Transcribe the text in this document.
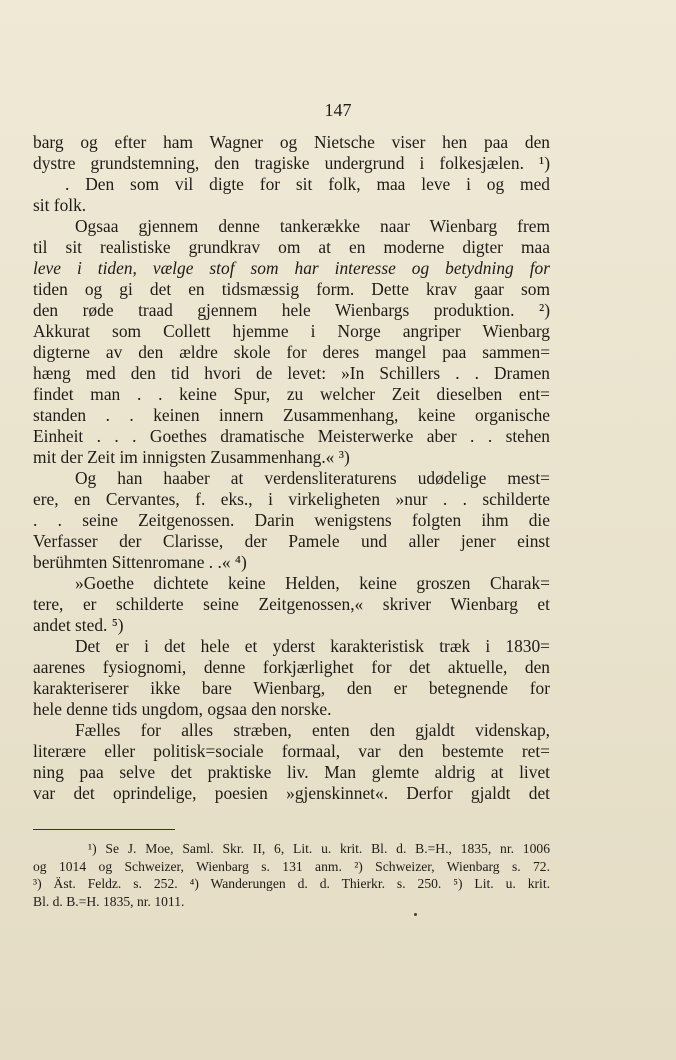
147

barg og efter ham Wagner og Nietsche viser hen paa den

dystre grundstemning, den tragiske undergrund i folkesjælen. ¹)

. Den som vil digte for sit folk, maa leve i og med

sit folk.

Ogsaa gjennem denne tankerække naar Wienbarg frem

til sit realistiske grundkrav om at en moderne digter maa

leve i tiden, vælge stof som har interesse og betydning for

tiden og gi det en tidsmæssig form. Dette krav gaar som

den røde traad gjennem hele Wienbargs produktion. ²)

Akkurat som Collett hjemme i Norge angriper Wienbarg

digterne av den ældre skole for deres mangel paa sammen=

hæng med den tid hvori de levet: »In Schillers . . Dramen

findet man . . keine Spur, zu welcher Zeit dieselben ent=

standen . . keinen innern Zusammenhang, keine organische

Einheit . . . Goethes dramatische Meisterwerke aber . . stehen

mit der Zeit im innigsten Zusammenhang.« ³)

Og han haaber at verdensliteraturens udødelige mest=

ere, en Cervantes, f. eks., i virkeligheten »nur . . schilderte

. . seine Zeitgenossen. Darin wenigstens folgten ihm die

Verfasser der Clarisse, der Pamele und aller jener einst

berühmten Sittenromane . .« ⁴)

»Goethe dichtete keine Helden, keine groszen Charak=

tere, er schilderte seine Zeitgenossen,« skriver Wienbarg et

andet sted. ⁵)

Det er i det hele et yderst karakteristisk træk i 1830=

aarenes fysiognomi, denne forkjærlighet for det aktuelle, den

karakteriserer ikke bare Wienbarg, den er betegnende for

hele denne tids ungdom, ogsaa den norske.

Fælles for alles stræben, enten den gjaldt videnskap,

literære eller politisk=sociale formaal, var den bestemte ret=

ning paa selve det praktiske liv. Man glemte aldrig at livet

var det oprindelige, poesien »gjenskinnet«. Derfor gjaldt det

¹) Se J. Moe, Saml. Skr. II, 6, Lit. u. krit. Bl. d. B.=H., 1835, nr. 1006

og 1014 og Schweizer, Wienbarg s. 131 anm. ²) Schweizer, Wienbarg s. 72.

³) Äst. Feldz. s. 252. ⁴) Wanderungen d. d. Thierkr. s. 250. ⁵) Lit. u. krit.

Bl. d. B.=H. 1835, nr. 1011.
